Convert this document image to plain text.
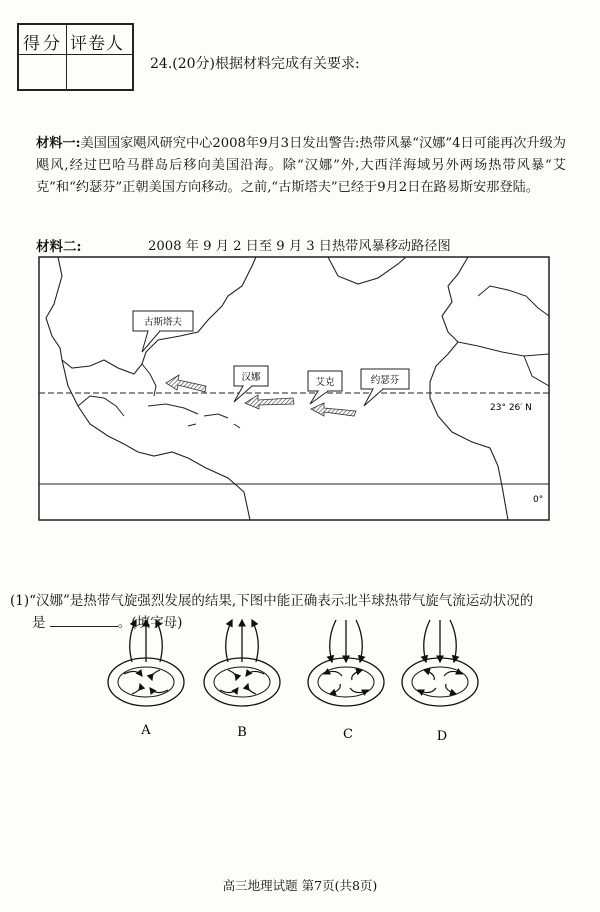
得分 评卷人
24.(20分)根据材料完成有关要求:
材料一:美国国家飓风研究中心2008年9月3日发出警告:热带风暴“汉娜”4日可能再次升级为飓风,经过巴哈马群岛后移向美国沿海。除“汉娜”外,大西洋海域另外两场热带风暴“艾克”和“约瑟芬”正朝美国方向移动。之前,“古斯塔夫”已经于9月2日在路易斯安那登陆。
材料二:	2008 年 9 月 2 日至 9 月 3 日热带风暴移动路径图
23° 26′ N
0°
古斯塔夫
汉娜	艾克	约瑟芬
(1)“汉娜”是热带气旋强烈发展的结果,下图中能正确表示北半球热带气旋气流运动状况的
是	。(填字母)
A	B	C	D
高三地理试题 第7页(共8页)
